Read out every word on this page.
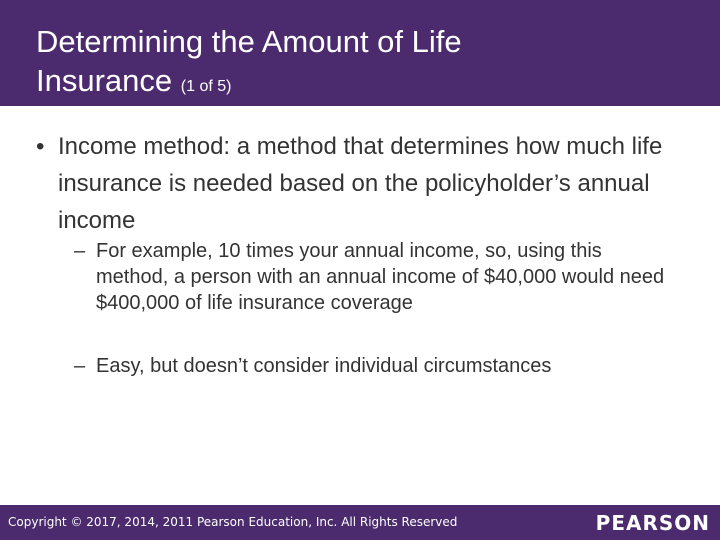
Determining the Amount of Life
Insurance (1 of 5)
• Income method: a method that determines how much life insurance is needed based on the policyholder’s annual income
– For example, 10 times your annual income, so, using this method, a person with an annual income of $40,000 would need $400,000 of life insurance coverage
– Easy, but doesn’t consider individual circumstances
Copyright © 2017, 2014, 2011 Pearson Education, Inc. All Rights Reserved	PEARSON
